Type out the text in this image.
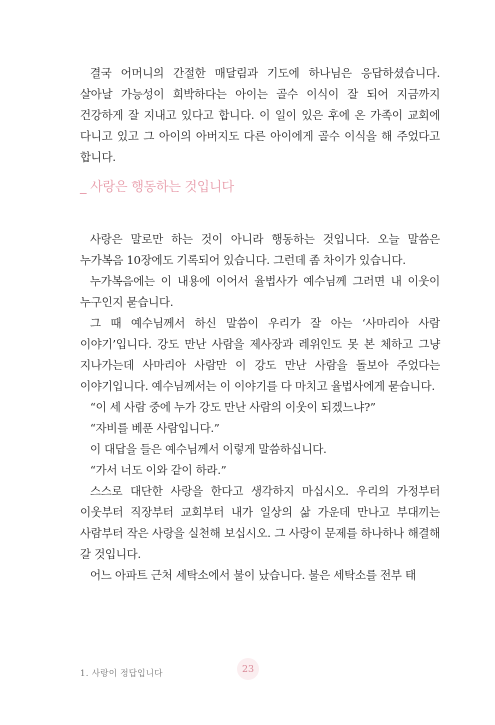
결국 어머니의 간절한 매달림과 기도에 하나님은 응답하셨습니다. 살아날 가능성이 희박하다는 아이는 골수 이식이 잘 되어 지금까지 건강하게 잘 지내고 있다고 합니다. 이 일이 있은 후에 온 가족이 교회에 다니고 있고 그 아이의 아버지도 다른 아이에게 골수 이식을 해 주었다고 합니다.

_ 사랑은 행동하는 것입니다

사랑은 말로만 하는 것이 아니라 행동하는 것입니다. 오늘 말씀은 누가복음 10장에도 기록되어 있습니다. 그런데 좀 차이가 있습니다.

누가복음에는 이 내용에 이어서 율법사가 예수님께 그러면 내 이웃이 누구인지 묻습니다.

그 때 예수님께서 하신 말씀이 우리가 잘 아는 ‘사마리아 사람 이야기’입니다. 강도 만난 사람을 제사장과 레위인도 못 본 체하고 그냥 지나가는데 사마리아 사람만 이 강도 만난 사람을 돌보아 주었다는 이야기입니다. 예수님께서는 이 이야기를 다 마치고 율법사에게 묻습니다.

“이 세 사람 중에 누가 강도 만난 사람의 이웃이 되겠느냐?”

“자비를 베푼 사람입니다.”

이 대답을 들은 예수님께서 이렇게 말씀하십니다.

“가서 너도 이와 같이 하라.”

스스로 대단한 사랑을 한다고 생각하지 마십시오. 우리의 가정부터 이웃부터 직장부터 교회부터 내가 일상의 삶 가운데 만나고 부대끼는 사람부터 작은 사랑을 실천해 보십시오. 그 사랑이 문제를 하나하나 해결해 갈 것입니다.

어느 아파트 근처 세탁소에서 불이 났습니다. 불은 세탁소를 전부 태

1. 사랑이 정답입니다	23
